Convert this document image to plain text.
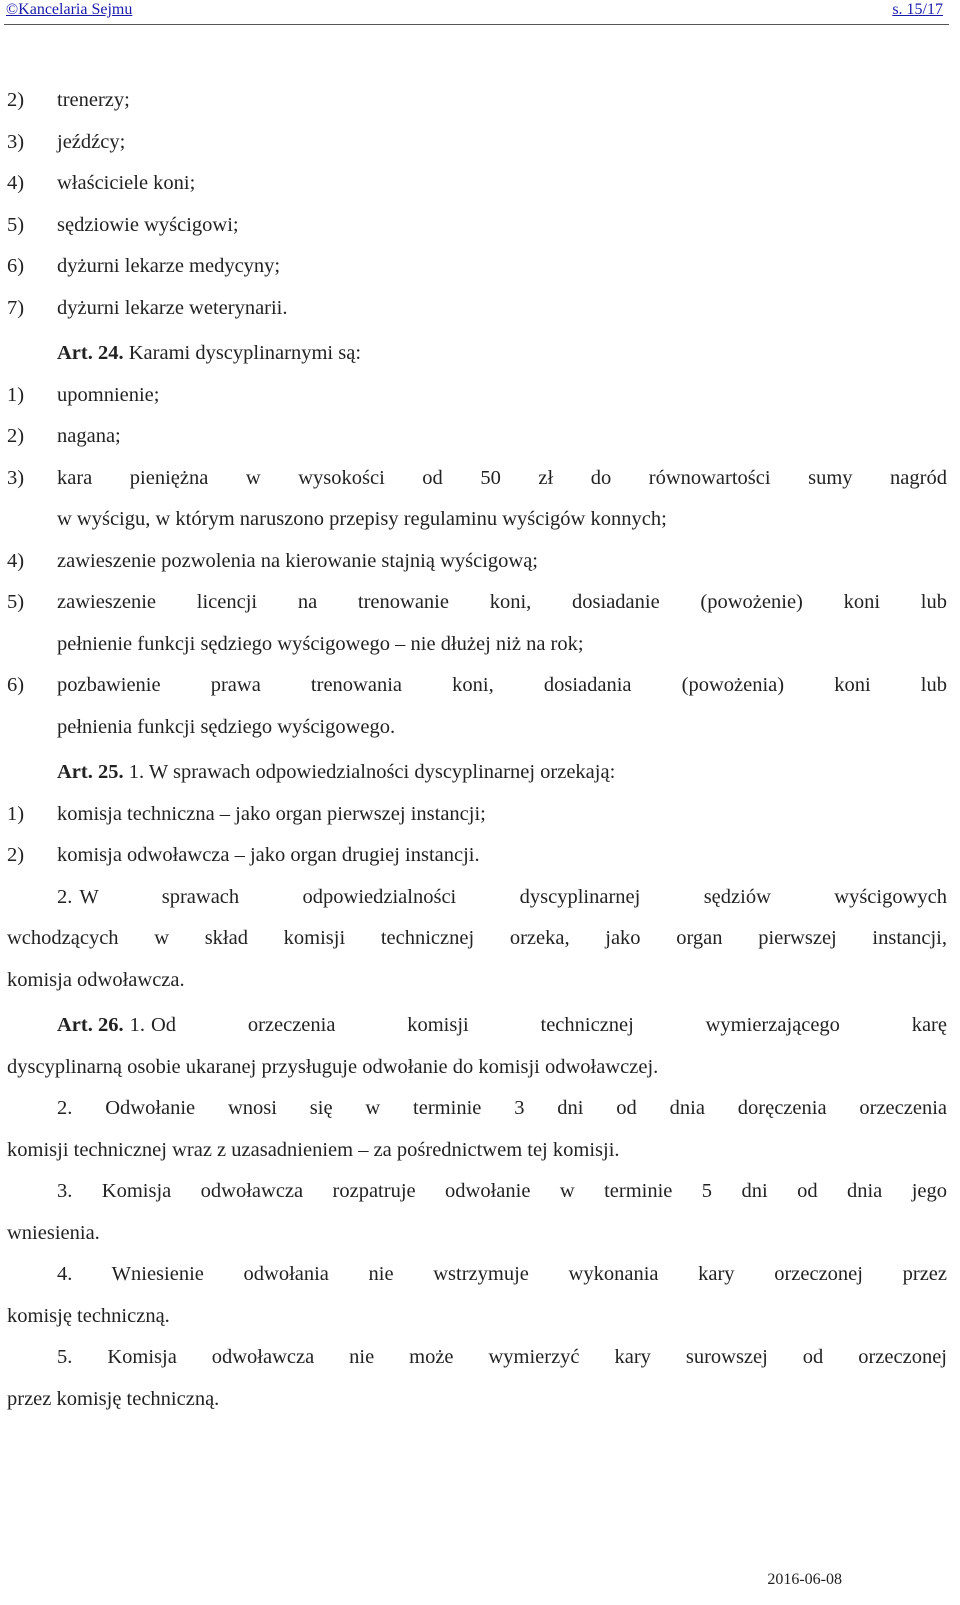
©Kancelaria Sejmu	s. 15/17
2) trenerzy;
3) jeźdźcy;
4) właściciele koni;
5) sędziowie wyścigowi;
6) dyżurni lekarze medycyny;
7) dyżurni lekarze weterynarii.
Art. 24. Karami dyscyplinarnymi są:
1) upomnienie;
2) nagana;
3)	kara pieniężna w wysokości od 50 zł do równowartości sumy nagród
w wyścigu, w którym naruszono przepisy regulaminu wyścigów konnych;
4) zawieszenie pozwolenia na kierowanie stajnią wyścigową;
5)	zawieszenie licencji na trenowanie koni, dosiadanie (powożenie) koni lub
pełnienie funkcji sędziego wyścigowego – nie dłużej niż na rok;
6)	pozbawienie prawa trenowania koni, dosiadania (powożenia) koni lub
pełnienia funkcji sędziego wyścigowego.
Art. 25. 1. W sprawach odpowiedzialności dyscyplinarnej orzekają:
1) komisja techniczna – jako organ pierwszej instancji;
2) komisja odwoławcza – jako organ drugiej instancji.
2. W sprawach odpowiedzialności dyscyplinarnej sędziów wyścigowych
wchodzących w skład komisji technicznej orzeka, jako organ pierwszej instancji,
komisja odwoławcza.
Art. 26. 1. Od orzeczenia komisji technicznej wymierzającego karę
dyscyplinarną osobie ukaranej przysługuje odwołanie do komisji odwoławczej.
2. Odwołanie wnosi się w terminie 3 dni od dnia doręczenia orzeczenia
komisji technicznej wraz z uzasadnieniem – za pośrednictwem tej komisji.
3. Komisja odwoławcza rozpatruje odwołanie w terminie 5 dni od dnia jego
wniesienia.
4. Wniesienie odwołania nie wstrzymuje wykonania kary orzeczonej przez
komisję techniczną.
5. Komisja odwoławcza nie może wymierzyć kary surowszej od orzeczonej
przez komisję techniczną.
2016-06-08
